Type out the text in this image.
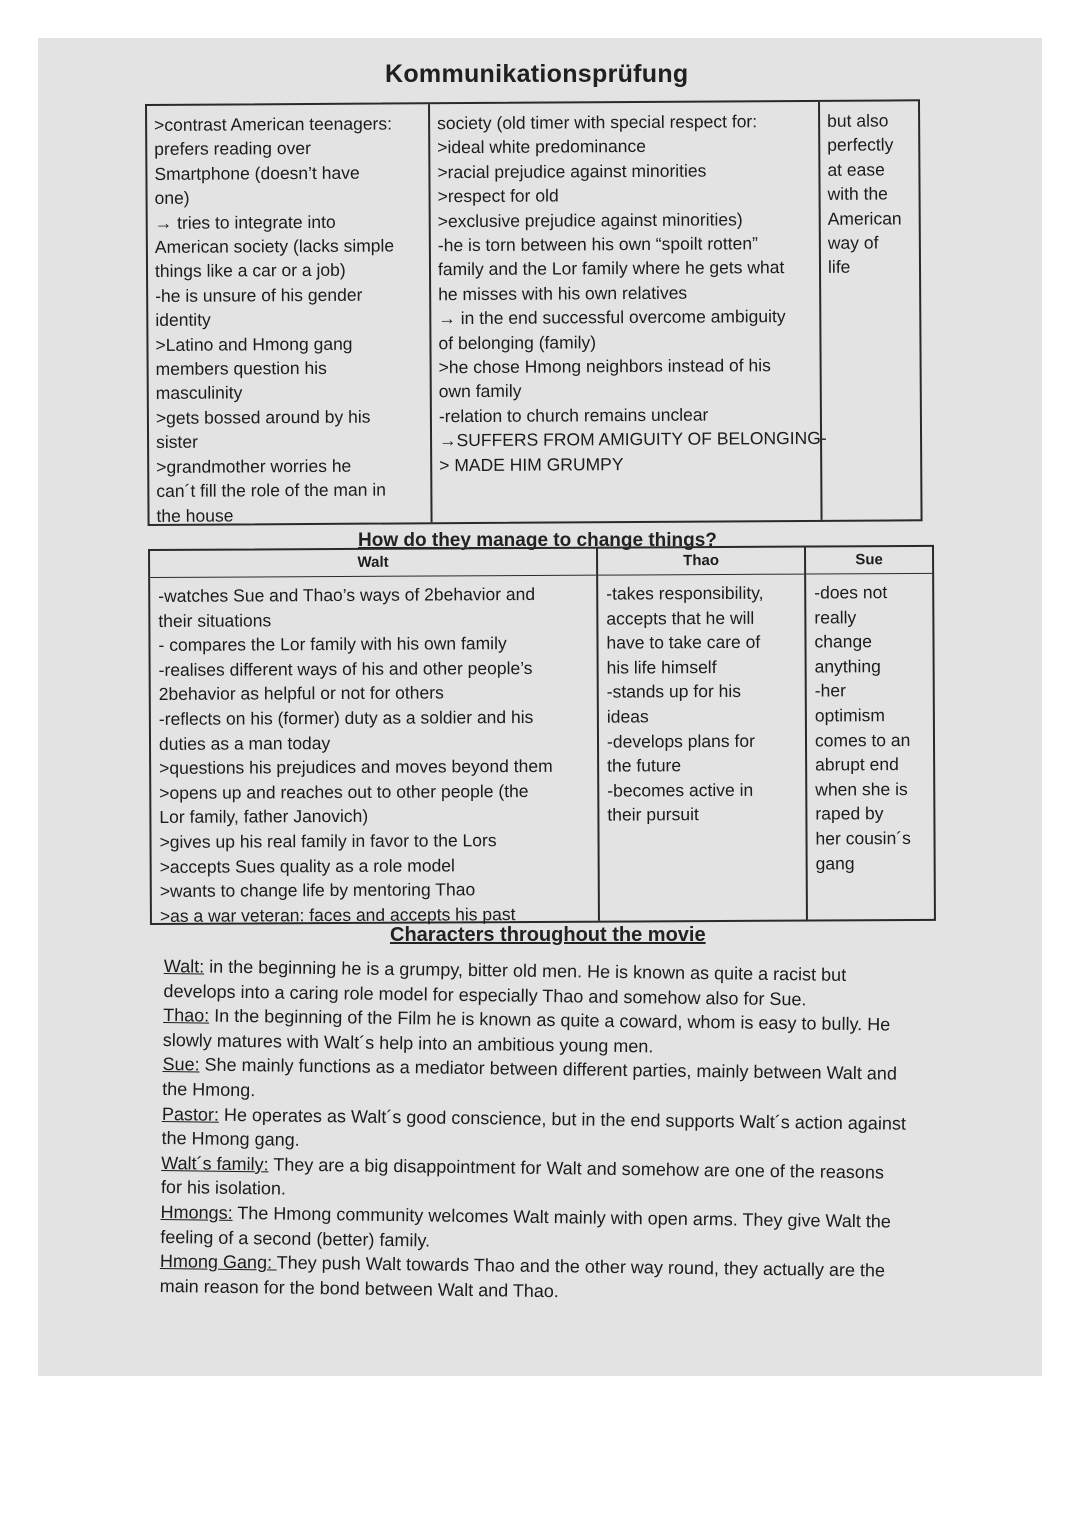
Kommunikationsprüfung
>contrast American teenagers:
prefers reading over
Smartphone (doesn’t have
one)
→ tries to integrate into
American society (lacks simple
things like a car or a job)
-he is unsure of his gender
identity
>Latino and Hmong gang
members question his
masculinity
>gets bossed around by his
sister
>grandmother worries he
can´t fill the role of the man in
the house
society (old timer with special respect for:
>ideal white predominance
>racial prejudice against minorities
>respect for old
>exclusive prejudice against minorities)
-he is torn between his own “spoilt rotten”
family and the Lor family where he gets what
he misses with his own relatives
→ in the end successful overcome ambiguity
of belonging (family)
>he chose Hmong neighbors instead of his
own family
-relation to church remains unclear
→SUFFERS FROM AMIGUITY OF BELONGING-
> MADE HIM GRUMPY
but also
perfectly
at ease
with the
American
way of
life
How do they manage to change things?
Walt
-watches Sue and Thao’s ways of 2behavior and
their situations
- compares the Lor family with his own family
-realises different ways of his and other people’s
2behavior as helpful or not for others
-reflects on his (former) duty as a soldier and his
duties as a man today
>questions his prejudices and moves beyond them
>opens up and reaches out to other people (the
Lor family, father Janovich)
>gives up his real family in favor to the Lors
>accepts Sues quality as a role model
>wants to change life by mentoring Thao
>as a war veteran: faces and accepts his past
Thao
-takes responsibility,
accepts that he will
have to take care of
his life himself
-stands up for his
ideas
-develops plans for
the future
-becomes active in
their pursuit
Sue
-does not
really
change
anything
-her
optimism
comes to an
abrupt end
when she is
raped by
her cousin´s
gang
Characters throughout the movie

Walt: in the beginning he is a grumpy, bitter old men. He is known as quite a racist but
develops into a caring role model for especially Thao and somehow also for Sue.

Thao: In the beginning of the Film he is known as quite a coward, whom is easy to bully. He
slowly matures with Walt´s help into an ambitious young men.

Sue: She mainly functions as a mediator between different parties, mainly between Walt and
the Hmong.

Pastor: He operates as Walt´s good conscience, but in the end supports Walt´s action against
the Hmong gang.

Walt´s family: They are a big disappointment for Walt and somehow are one of the reasons
for his isolation.

Hmongs: The Hmong community welcomes Walt mainly with open arms. They give Walt the
feeling of a second (better) family.

Hmong Gang: They push Walt towards Thao and the other way round, they actually are the
main reason for the bond between Walt and Thao.
